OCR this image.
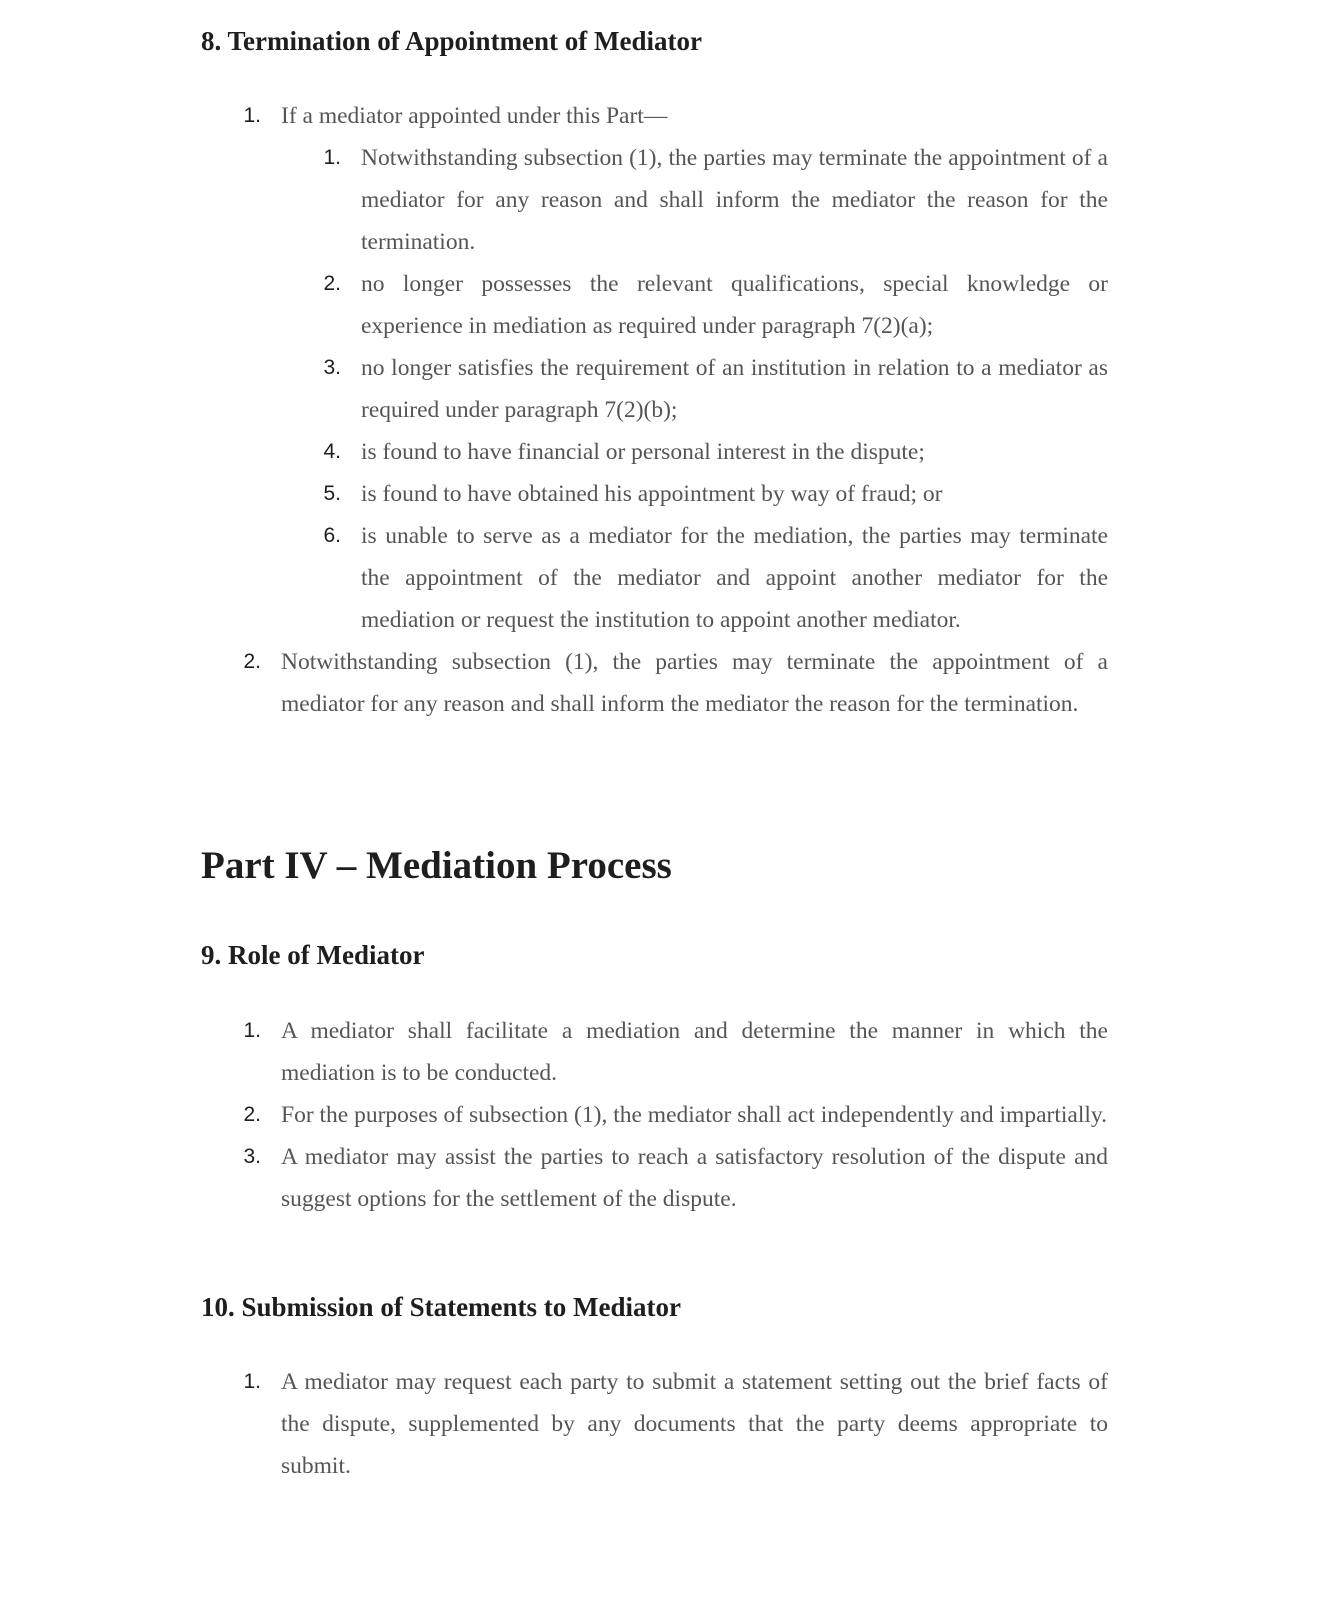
8. Termination of Appointment of Mediator
1. If a mediator appointed under this Part—
1. Notwithstanding subsection (1), the parties may terminate the appointment of a mediator for any reason and shall inform the mediator the reason for the termination.
2. no longer possesses the relevant qualifications, special knowledge or experience in mediation as required under paragraph 7(2)(a);
3. no longer satisfies the requirement of an institution in relation to a mediator as required under paragraph 7(2)(b);
4. is found to have financial or personal interest in the dispute;
5. is found to have obtained his appointment by way of fraud; or
6. is unable to serve as a mediator for the mediation, the parties may terminate the appointment of the mediator and appoint another mediator for the mediation or request the institution to appoint another mediator.
2. Notwithstanding subsection (1), the parties may terminate the appointment of a mediator for any reason and shall inform the mediator the reason for the termination.
Part IV – Mediation Process
9. Role of Mediator
1. A mediator shall facilitate a mediation and determine the manner in which the mediation is to be conducted.
2. For the purposes of subsection (1), the mediator shall act independently and impartially.
3. A mediator may assist the parties to reach a satisfactory resolution of the dispute and suggest options for the settlement of the dispute.
10. Submission of Statements to Mediator
1. A mediator may request each party to submit a statement setting out the brief facts of the dispute, supplemented by any documents that the party deems appropriate to submit.
